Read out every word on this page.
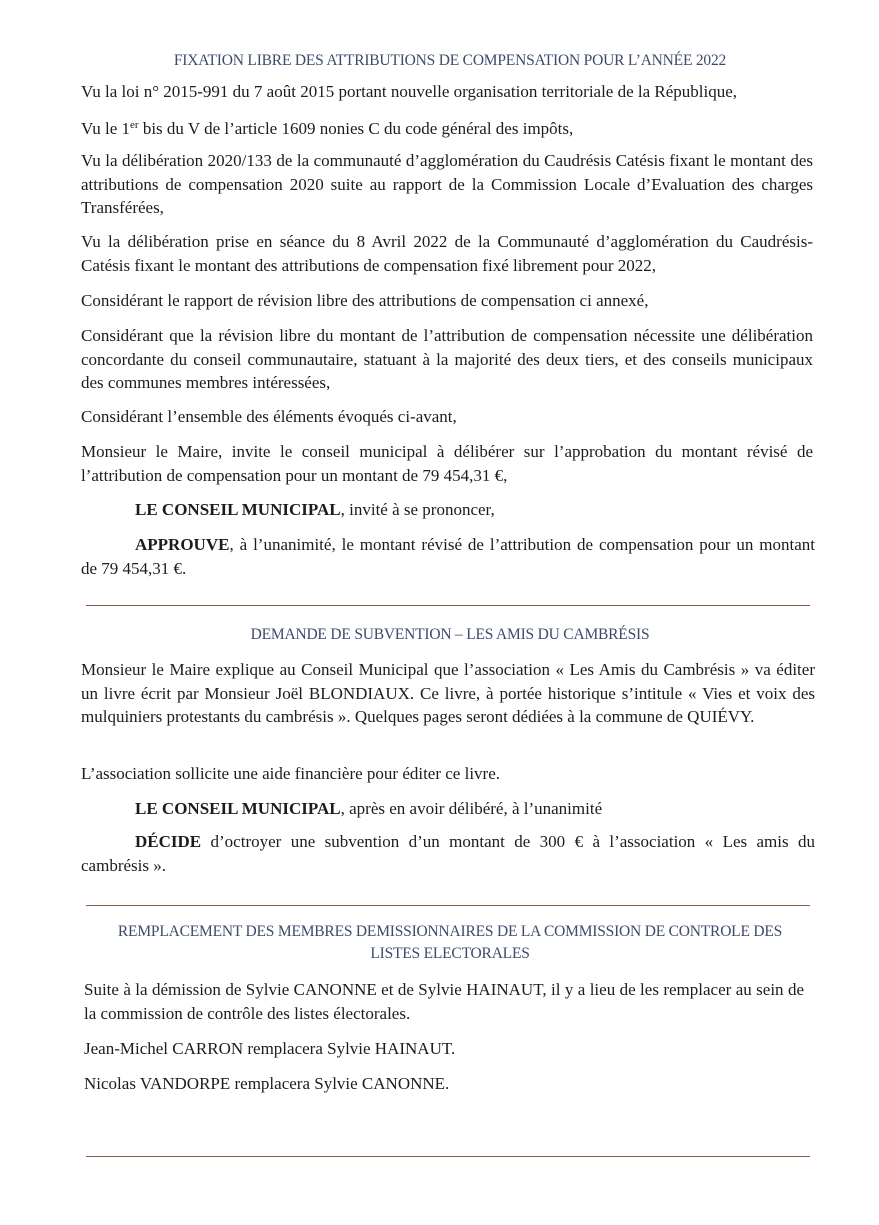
FIXATION LIBRE DES ATTRIBUTIONS DE COMPENSATION POUR L’ANNÉE 2022
Vu la loi n° 2015-991 du 7 août 2015 portant nouvelle organisation territoriale de la République,
Vu le 1er bis du V de l’article 1609 nonies C du code général des impôts,
Vu la délibération 2020/133 de la communauté d’agglomération du Caudrésis Catésis fixant le montant des attributions de compensation 2020 suite au rapport de la Commission Locale d’Evaluation des charges Transférées,
Vu la délibération prise en séance du 8 Avril 2022 de la Communauté d’agglomération du Caudrésis-Catésis fixant le montant des attributions de compensation fixé librement pour 2022,
Considérant le rapport de révision libre des attributions de compensation ci annexé,
Considérant que la révision libre du montant de l’attribution de compensation nécessite une délibération concordante du conseil communautaire, statuant à la majorité des deux tiers, et des conseils municipaux des communes membres intéressées,
Considérant l’ensemble des éléments évoqués ci-avant,
Monsieur le Maire, invite le conseil municipal à délibérer sur l’approbation du montant révisé de l’attribution de compensation pour un montant de 79 454,31 €,
LE CONSEIL MUNICIPAL, invité à se prononcer,
APPROUVE, à l’unanimité, le montant révisé de l’attribution de compensation pour un montant de 79 454,31 €.
DEMANDE DE SUBVENTION – LES AMIS DU CAMBRÉSIS
Monsieur le Maire explique au Conseil Municipal que l’association « Les Amis du Cambrésis » va éditer un livre écrit par Monsieur Joël BLONDIAUX. Ce livre, à portée historique s’intitule « Vies et voix des mulquiniers protestants du cambrésis ». Quelques pages seront dédiées à la commune de QUIÉVY.
L’association sollicite une aide financière pour éditer ce livre.
LE CONSEIL MUNICIPAL, après en avoir délibéré, à l’unanimité
DÉCIDE d’octroyer une subvention d’un montant de 300 € à l’association « Les amis du cambrésis ».
REMPLACEMENT DES MEMBRES DEMISSIONNAIRES DE LA COMMISSION DE CONTROLE DES
LISTES ELECTORALES
Suite à la démission de Sylvie CANONNE et de Sylvie HAINAUT, il y a lieu de les remplacer au sein de la commission de contrôle des listes électorales.
Jean-Michel CARRON remplacera Sylvie HAINAUT.
Nicolas VANDORPE remplacera Sylvie CANONNE.
